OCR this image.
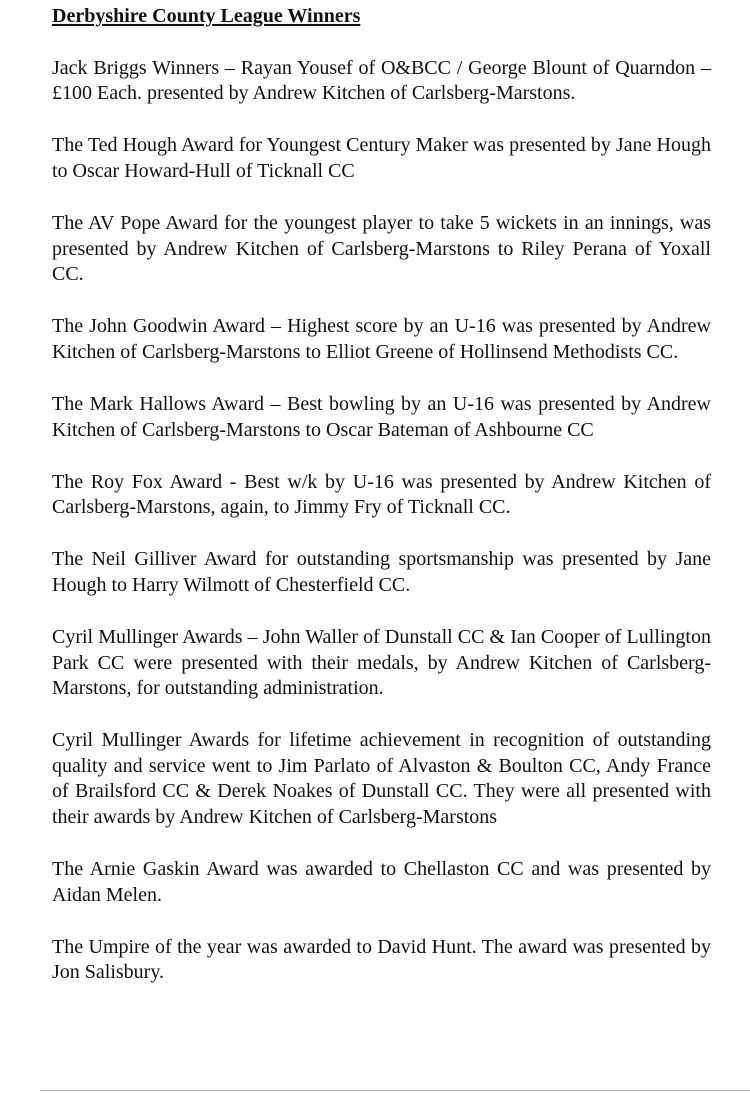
Derbyshire County League Winners

Jack Briggs Winners – Rayan Yousef of O&BCC / George Blount of Quarndon – £100 Each. presented by Andrew Kitchen of Carlsberg-Marstons.

The Ted Hough Award for Youngest Century Maker was presented by Jane Hough to Oscar Howard-Hull of Ticknall CC

The AV Pope Award for the youngest player to take 5 wickets in an innings, was presented by Andrew Kitchen of Carlsberg-Marstons to Riley Perana of Yoxall CC.

The John Goodwin Award – Highest score by an U-16 was presented by Andrew Kitchen of Carlsberg-Marstons to Elliot Greene of Hollinsend Methodists CC.

The Mark Hallows Award – Best bowling by an U-16 was presented by Andrew Kitchen of Carlsberg-Marstons to Oscar Bateman of Ashbourne CC

The Roy Fox Award - Best w/k by U-16 was presented by Andrew Kitchen of Carlsberg-Marstons, again, to Jimmy Fry of Ticknall CC.

The Neil Gilliver Award for outstanding sportsmanship was presented by Jane Hough to Harry Wilmott of Chesterfield CC.

Cyril Mullinger Awards – John Waller of Dunstall CC & Ian Cooper of Lullington Park CC were presented with their medals, by Andrew Kitchen of Carlsberg-Marstons, for outstanding administration.

Cyril Mullinger Awards for lifetime achievement in recognition of outstanding quality and service went to Jim Parlato of Alvaston & Boulton CC, Andy France of Brailsford CC & Derek Noakes of Dunstall CC. They were all presented with their awards by Andrew Kitchen of Carlsberg-Marstons

The Arnie Gaskin Award was awarded to Chellaston CC and was presented by Aidan Melen.

The Umpire of the year was awarded to David Hunt. The award was presented by Jon Salisbury.
